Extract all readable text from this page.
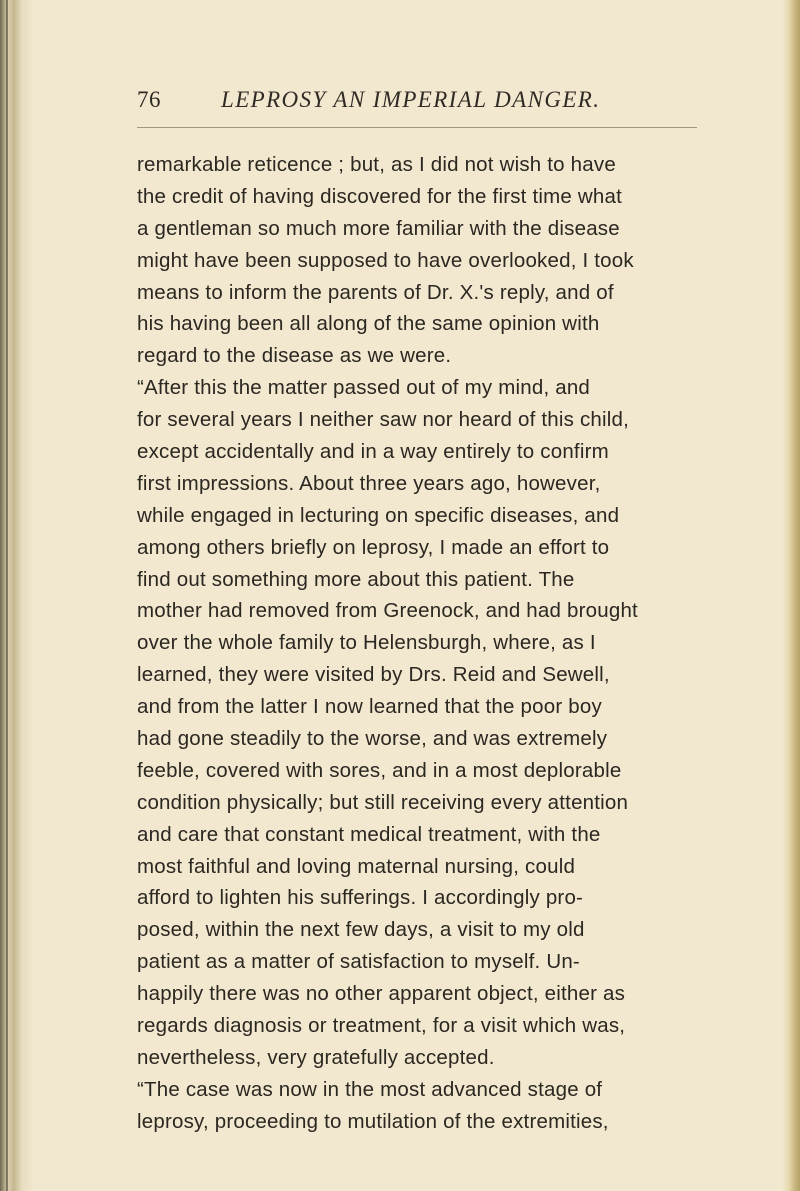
76	LEPROSY AN IMPERIAL DANGER.
remarkable reticence ; but, as I did not wish to have
the credit of having discovered for the first time what
a gentleman so much more familiar with the disease
might have been supposed to have overlooked, I took
means to inform the parents of Dr. X.'s reply, and of
his having been all along of the same opinion with
regard to the disease as we were.
“After this the matter passed out of my mind, and
for several years I neither saw nor heard of this child,
except accidentally and in a way entirely to confirm
first impressions. About three years ago, however,
while engaged in lecturing on specific diseases, and
among others briefly on leprosy, I made an effort to
find out something more about this patient. The
mother had removed from Greenock, and had brought
over the whole family to Helensburgh, where, as I
learned, they were visited by Drs. Reid and Sewell,
and from the latter I now learned that the poor boy
had gone steadily to the worse, and was extremely
feeble, covered with sores, and in a most deplorable
condition physically; but still receiving every attention
and care that constant medical treatment, with the
most faithful and loving maternal nursing, could
afford to lighten his sufferings. I accordingly pro-
posed, within the next few days, a visit to my old
patient as a matter of satisfaction to myself. Un-
happily there was no other apparent object, either as
regards diagnosis or treatment, for a visit which was,
nevertheless, very gratefully accepted.
“The case was now in the most advanced stage of
leprosy, proceeding to mutilation of the extremities,
